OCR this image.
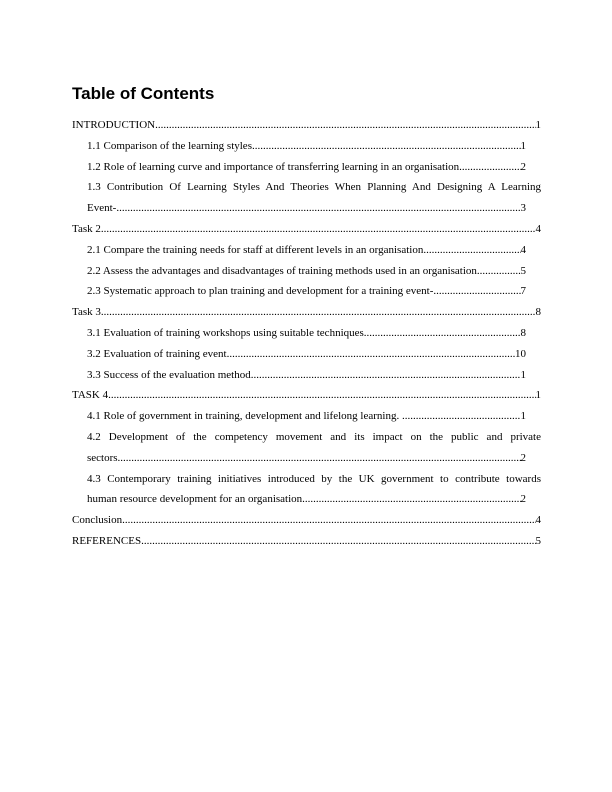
Table of Contents
INTRODUCTION .....	1
1.1 Comparison of the learning styles .....	1
1.2 Role of learning curve and importance of transferring learning in an organisation .....	2
1.3 Contribution Of Learning Styles And Theories When Planning And Designing A Learning
Event- .....	3
Task 2 .....	4
2.1 Compare the training needs for staff at different levels in an organisation .....	4
2.2 Assess the advantages and disadvantages of training methods used in an organisation. .....	5
2.3 Systematic approach to plan training and development for a training event- .....	7
Task 3 .....	8
3.1 Evaluation of training workshops using suitable techniques .....	8
3.2 Evaluation of training event .....	10
3.3 Success of the evaluation method .....	1
TASK 4 .....	1
4.1 Role of government in training, development and lifelong learning. .....	1
4.2 Development of the competency movement and its impact on the public and private
sectors .....	2
4.3 Contemporary training initiatives introduced by the UK government to contribute towards
human resource development for an organisation .....	2
Conclusion .....	4
REFERENCES .....	5
